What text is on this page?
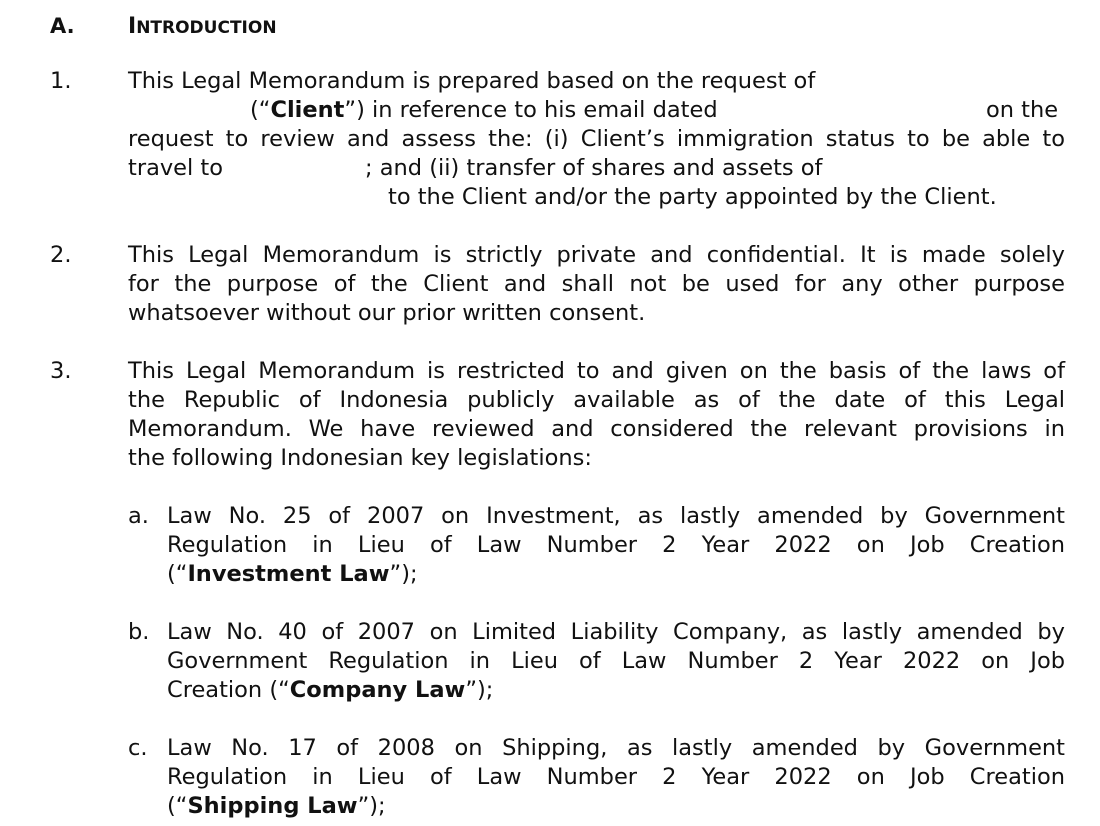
A. INTRODUCTION
1.	This Legal Memorandum is prepared based on the request of
(“Client”) in reference to his email dated	on the
request to review and assess the: (i) Client’s immigration status to be able to
travel to	; and (ii) transfer of shares and assets of
to the Client and/or the party appointed by the Client.
2.	This Legal Memorandum is strictly private and confidential. It is made solely
for the purpose of the Client and shall not be used for any other purpose
whatsoever without our prior written consent.
3.	This Legal Memorandum is restricted to and given on the basis of the laws of
the Republic of Indonesia publicly available as of the date of this Legal
Memorandum. We have reviewed and considered the relevant provisions in
the following Indonesian key legislations:
a. Law No. 25 of 2007 on Investment, as lastly amended by Government
Regulation in Lieu of Law Number 2 Year 2022 on Job Creation
(“Investment Law”);
b. Law No. 40 of 2007 on Limited Liability Company, as lastly amended by
Government Regulation in Lieu of Law Number 2 Year 2022 on Job
Creation (“Company Law”);
c. Law No. 17 of 2008 on Shipping, as lastly amended by Government
Regulation in Lieu of Law Number 2 Year 2022 on Job Creation
(“Shipping Law”);
